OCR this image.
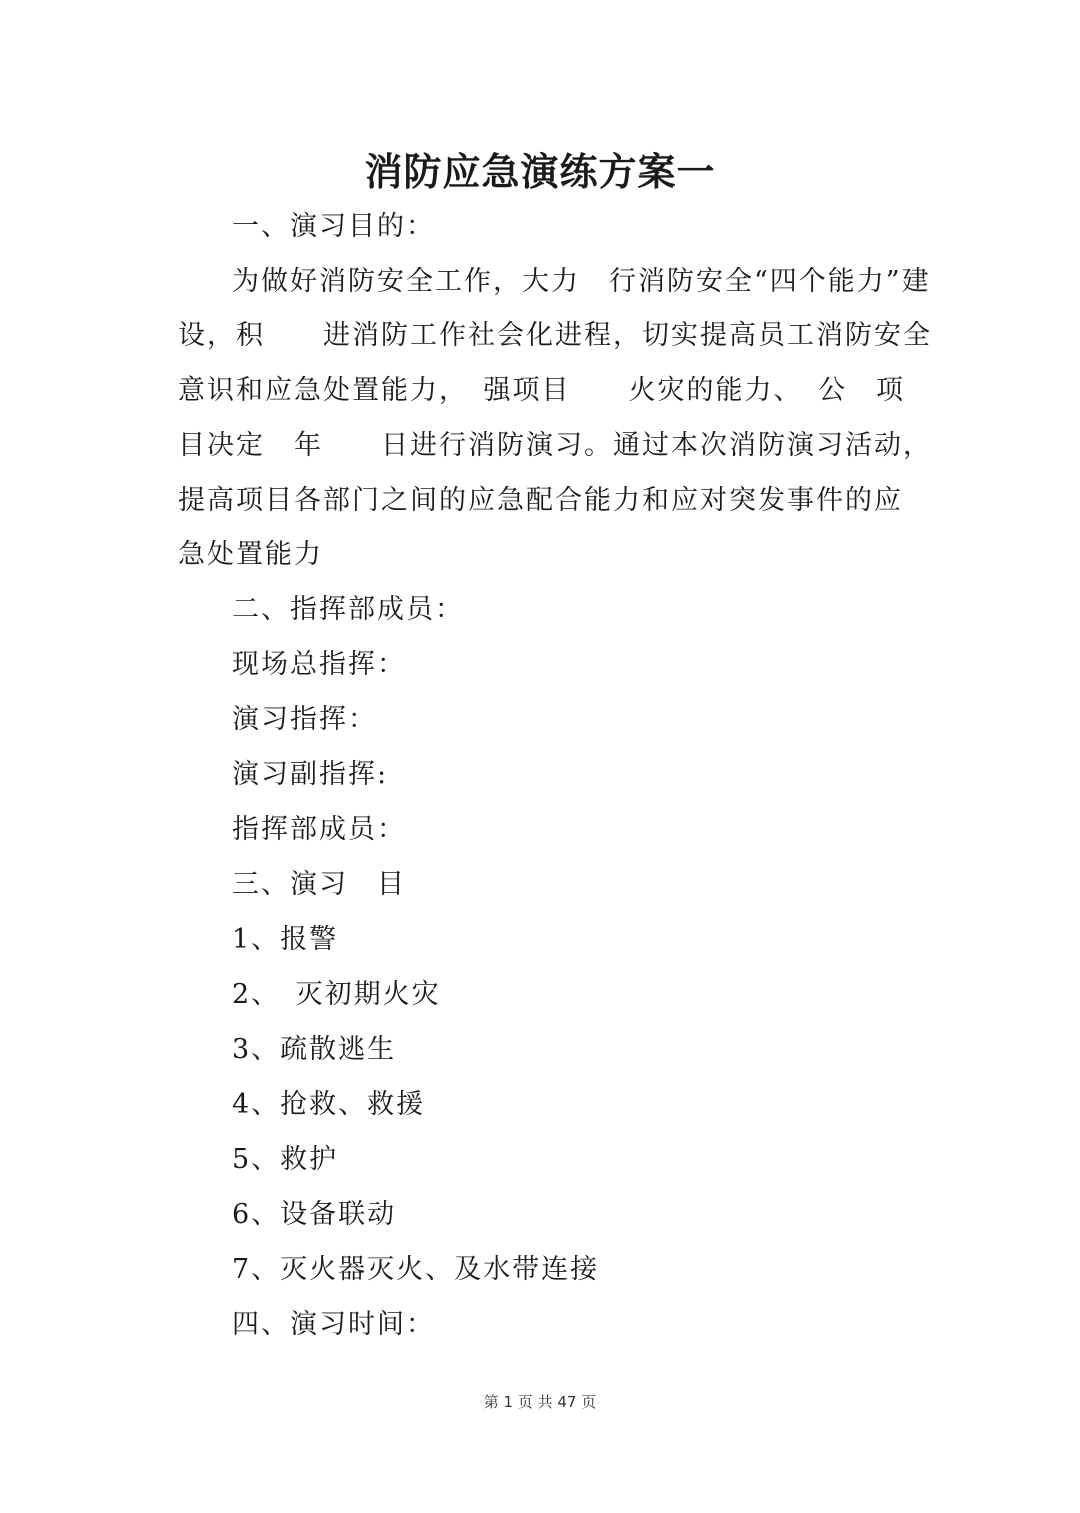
消防应急演练方案一
一、演习目的：
为做好消防安全工作，大力　行消防安全“四个能力”建
设，积　　进消防工作社会化进程，切实提高员工消防安全
意识和应急处置能力，　强项目　　火灾的能力、　公　项
目决定　年　　日进行消防演习。通过本次消防演习活动，
提高项目各部门之间的应急配合能力和应对突发事件的应
急处置能力
二、指挥部成员：
现场总指挥：
演习指挥：
演习副指挥:
指挥部成员：
三、演习　目
1、报警
2、　灭初期火灾
3、疏散逃生
4、抢救、救援
5、救护
6、设备联动
7、灭火器灭火、及水带连接
四、演习时间：
第 1 页 共 47 页
